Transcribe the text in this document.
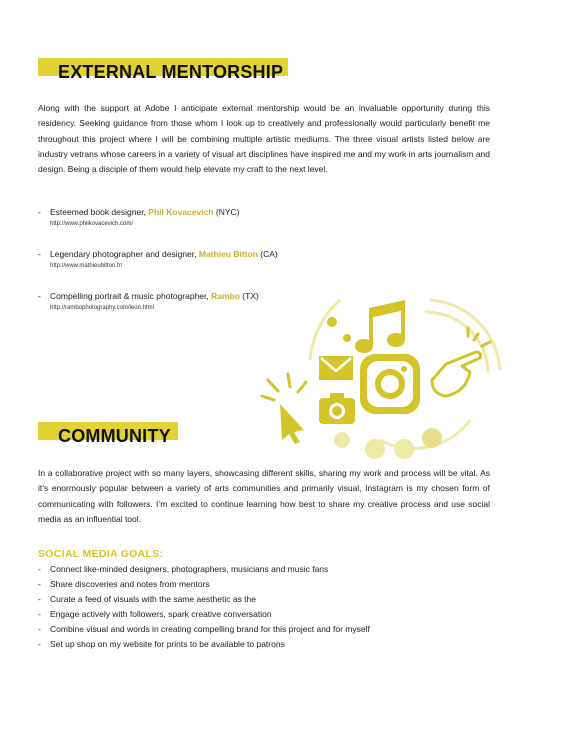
EXTERNAL MENTORSHIP

Along with the support at Adobe I anticipate external mentorship would be an invaluable opportunity during this residency. Seeking guidance from those whom I look up to creatively and professionally would particularly benefit me throughout this project where I will be combining multiple artistic mediums. The three visual artists listed below are industry vetrans whose careers in a variety of visual art disciplines have inspired me and my work in arts journalism and design. Being a disciple of them would help elevate my craft to the next level.

- Esteemed book designer, Phil Kovacevich (NYC)
http://www.philkovacevich.com/
- Legendary photographer and designer, Mathieu Bitton (CA)
http://www.mathieubitton.fr/
- Compelling portrait & music photographer, Rambo (TX)
http://rambophotography.com/leon.html
COMMUNITY

In a collaborative project with so many layers, showcasing different skills, sharing my work and process will be vital. As it’s enormously popular between a variety of arts communities and primarily visual, Instagram is my chosen form of communicating with followers. I’m excited to continue learning how best to share my creative process and use social media as an influential tool.

SOCIAL MEDIA GOALS:
- Connect like-minded designers, photographers, musicians and music fans
- Share discoveries and notes from mentors
- Curate a feed of visuals with the same aesthetic as the
- Engage actively with followers, spark creative conversation
- Combine visual and words in creating compelling brand for this project and for myself
- Set up shop on my website for prints to be available to patrons
